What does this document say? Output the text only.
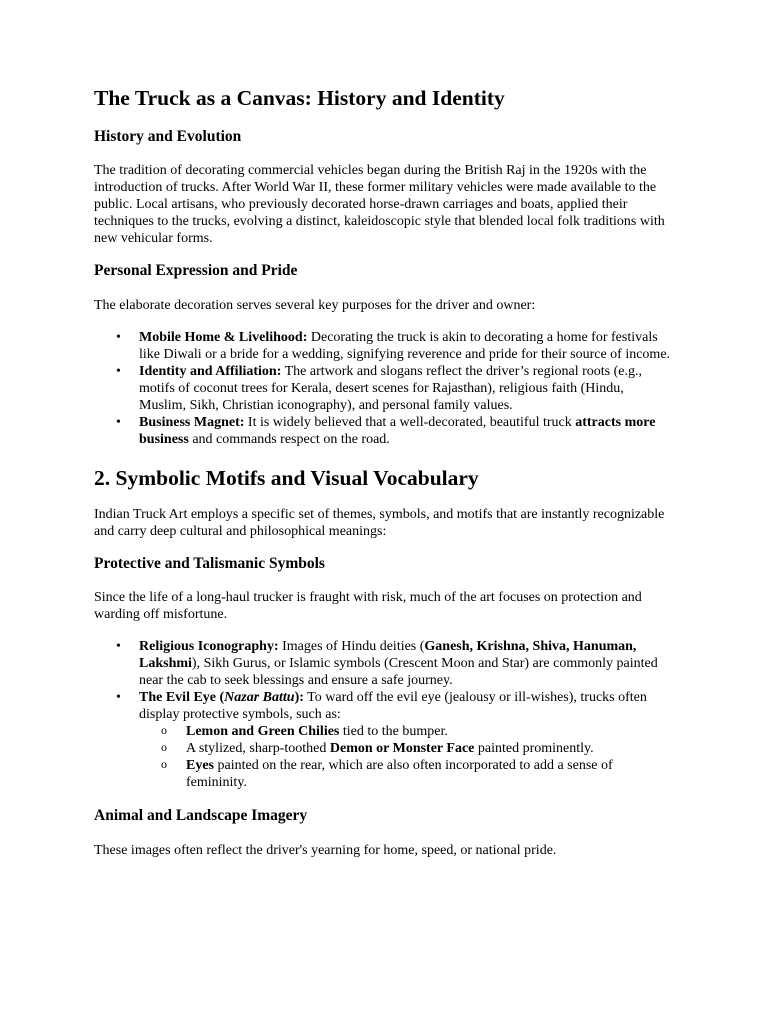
The Truck as a Canvas: History and Identity
History and Evolution

The tradition of decorating commercial vehicles began during the British Raj in the 1920s with the introduction of trucks. After World War II, these former military vehicles were made available to the public. Local artisans, who previously decorated horse-drawn carriages and boats, applied their techniques to the trucks, evolving a distinct, kaleidoscopic style that blended local folk traditions with new vehicular forms.

Personal Expression and Pride

The elaborate decoration serves several key purposes for the driver and owner:

• Mobile Home & Livelihood: Decorating the truck is akin to decorating a home for festivals like Diwali or a bride for a wedding, signifying reverence and pride for their source of income.
• Identity and Affiliation: The artwork and slogans reflect the driver’s regional roots (e.g., motifs of coconut trees for Kerala, desert scenes for Rajasthan), religious faith (Hindu, Muslim, Sikh, Christian iconography), and personal family values.
• Business Magnet: It is widely believed that a well-decorated, beautiful truck attracts more business and commands respect on the road.
2. Symbolic Motifs and Visual Vocabulary

Indian Truck Art employs a specific set of themes, symbols, and motifs that are instantly recognizable and carry deep cultural and philosophical meanings:

Protective and Talismanic Symbols

Since the life of a long-haul trucker is fraught with risk, much of the art focuses on protection and warding off misfortune.

• Religious Iconography: Images of Hindu deities (Ganesh, Krishna, Shiva, Hanuman, Lakshmi), Sikh Gurus, or Islamic symbols (Crescent Moon and Star) are commonly painted near the cab to seek blessings and ensure a safe journey.
• The Evil Eye (Nazar Battu): To ward off the evil eye (jealousy or ill-wishes), trucks often display protective symbols, such as:
o Lemon and Green Chilies tied to the bumper.
o A stylized, sharp-toothed Demon or Monster Face painted prominently.
o Eyes painted on the rear, which are also often incorporated to add a sense of femininity.
Animal and Landscape Imagery

These images often reflect the driver's yearning for home, speed, or national pride.
